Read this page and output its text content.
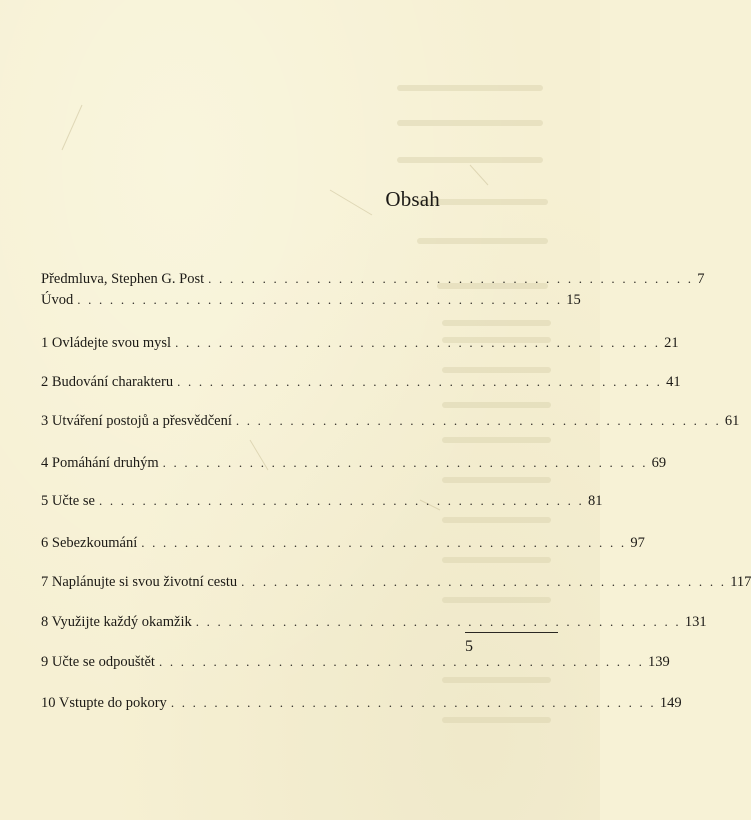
Obsah
Předmluva, Stephen G. Post . . . . . . . . . . . . . . . . . . . . . . . . . . . . . . . . . . . . . . . . . . . . . 7
Úvod . . . . . . . . . . . . . . . . . . . . . . . . . . . . . . . . . . . . . . . . . . . . . 15
1 Ovládejte svou mysl . . . . . . . . . . . . . . . . . . . . . . . . . . . . . . . . . . . . . . . . . . . . . 21
2 Budování charakteru . . . . . . . . . . . . . . . . . . . . . . . . . . . . . . . . . . . . . . . . . . . . . 41
3 Utváření postojů a přesvědčení . . . . . . . . . . . . . . . . . . . . . . . . . . . . . . . . . . . . . . . . . . . . . 61
4 Pomáhání druhým . . . . . . . . . . . . . . . . . . . . . . . . . . . . . . . . . . . . . . . . . . . . . 69
5 Učte se . . . . . . . . . . . . . . . . . . . . . . . . . . . . . . . . . . . . . . . . . . . . . 81
6 Sebezkoumání . . . . . . . . . . . . . . . . . . . . . . . . . . . . . . . . . . . . . . . . . . . . . 97
7 Naplánujte si svou životní cestu . . . . . . . . . . . . . . . . . . . . . . . . . . . . . . . . . . . . . . . . . . . . . 117
8 Využijte každý okamžik . . . . . . . . . . . . . . . . . . . . . . . . . . . . . . . . . . . . . . . . . . . . . 131
9 Učte se odpouštět . . . . . . . . . . . . . . . . . . . . . . . . . . . . . . . . . . . . . . . . . . . . . 139
10 Vstupte do pokory . . . . . . . . . . . . . . . . . . . . . . . . . . . . . . . . . . . . . . . . . . . . . 149
5
